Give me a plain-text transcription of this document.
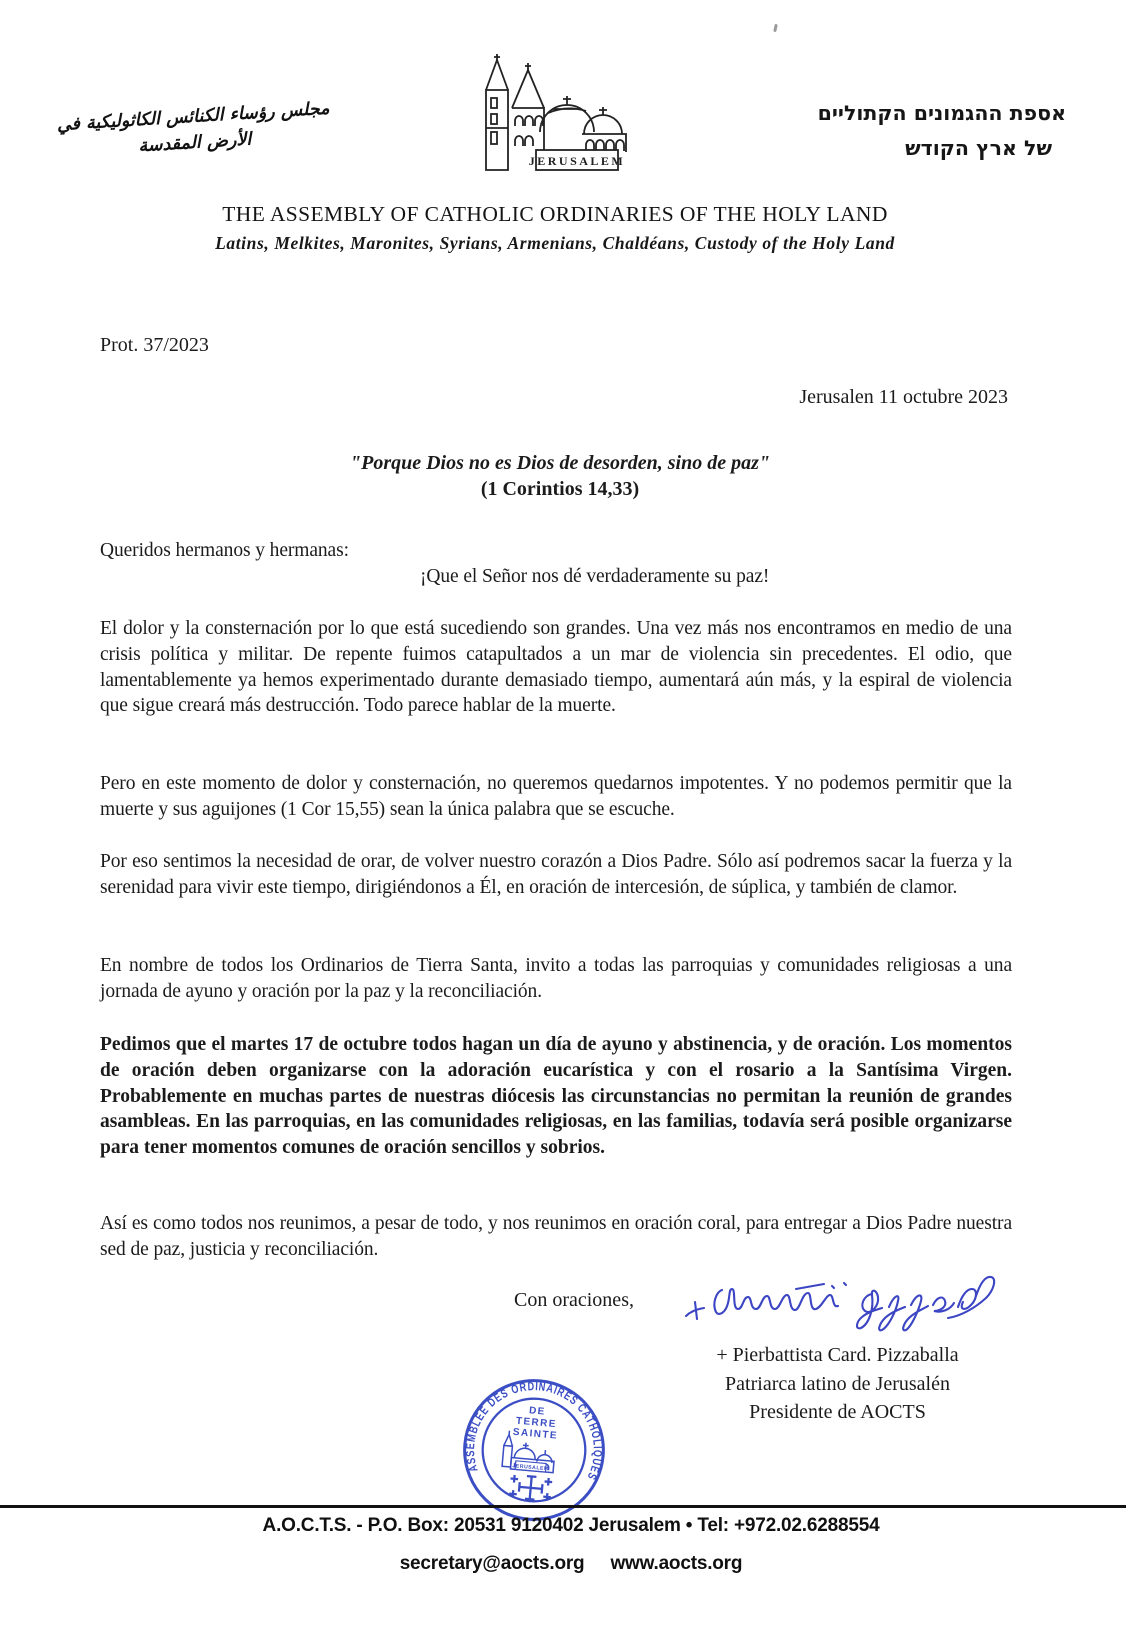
مجلس رؤساء الكنائس الكاثوليكية في الأرض المقدسة
JERUSALEM
אספת ההגמונים הקתוליים
של ארץ הקודש
THE ASSEMBLY OF CATHOLIC ORDINARIES OF THE HOLY LAND
Latins, Melkites, Maronites, Syrians, Armenians, Chaldéans, Custody of the Holy Land
Prot. 37/2023
Jerusalen 11 octubre 2023
"Porque Dios no es Dios de desorden, sino de paz"
(1 Corintios 14,33)
Queridos hermanos y hermanas:
¡Que el Señor nos dé verdaderamente su paz!
El dolor y la consternación por lo que está sucediendo son grandes. Una vez más nos encontramos en medio de una crisis política y militar. De repente fuimos catapultados a un mar de violencia sin precedentes. El odio, que lamentablemente ya hemos experimentado durante demasiado tiempo, aumentará aún más, y la espiral de violencia que sigue creará más destrucción. Todo parece hablar de la muerte.
Pero en este momento de dolor y consternación, no queremos quedarnos impotentes. Y no podemos permitir que la muerte y sus aguijones (1 Cor 15,55) sean la única palabra que se escuche.
Por eso sentimos la necesidad de orar, de volver nuestro corazón a Dios Padre. Sólo así podremos sacar la fuerza y la serenidad para vivir este tiempo, dirigiéndonos a Él, en oración de intercesión, de súplica, y también de clamor.
En nombre de todos los Ordinarios de Tierra Santa, invito a todas las parroquias y comunidades religiosas a una jornada de ayuno y oración por la paz y la reconciliación.
Pedimos que el martes 17 de octubre todos hagan un día de ayuno y abstinencia, y de oración. Los momentos de oración deben organizarse con la adoración eucarística y con el rosario a la Santísima Virgen. Probablemente en muchas partes de nuestras diócesis las circunstancias no permitan la reunión de grandes asambleas. En las parroquias, en las comunidades religiosas, en las familias, todavía será posible organizarse para tener momentos comunes de oración sencillos y sobrios.
Así es como todos nos reunimos, a pesar de todo, y nos reunimos en oración coral, para entregar a Dios Padre nuestra sed de paz, justicia y reconciliación.
Con oraciones,
+ Pierbattista Card. Pizzaballa
Patriarca latino de Jerusalén
Presidente de AOCTS
ASSEMBLEE DES ORDINAIRES CATHOLIQUES
DE
TERRE
SAINTE
JERUSALEM
A.O.C.T.S. - P.O. Box: 20531 9120402 Jerusalem • Tel: +972.02.6288554
secretary@aocts.org www.aocts.org
